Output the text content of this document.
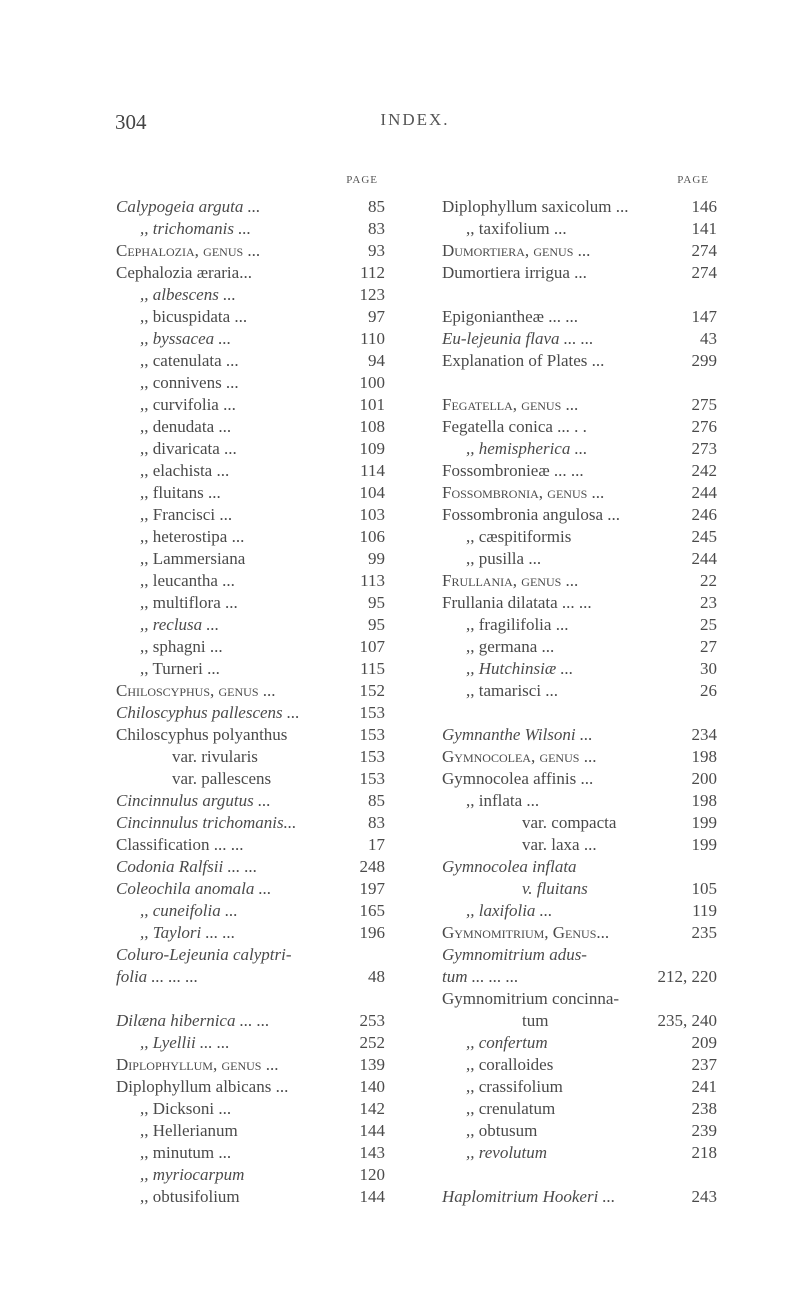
304	INDEX.
PAGE
Calypogeia arguta ...	85
,, trichomanis ...	83
Cephalozia, genus ...	93
Cephalozia æraria...	112
,, albescens ...	123
,, bicuspidata ...	97
,, byssacea ...	110
,, catenulata ...	94
,, connivens ...	100
,, curvifolia ...	101
,, denudata ...	108
,, divaricata ...	109
,, elachista ...	114
,, fluitans ...	104
,, Francisci ...	103
,, heterostipa ...	106
,, Lammersiana	99
,, leucantha ...	113
,, multiflora ...	95
,, reclusa ...	95
,, sphagni ...	107
,, Turneri ...	115
Chiloscyphus, genus ...	152
Chiloscyphus pallescens ...	153
Chiloscyphus polyanthus	153
var. rivularis	153
var. pallescens	153
Cincinnulus argutus ...	85
Cincinnulus trichomanis...	83
Classification ... ...	17
Codonia Ralfsii ... ...	248
Coleochila anomala ...	197
,, cuneifolia ...	165
,, Taylori ... ...	196
Coluro-Lejeunia calyptri-
folia ... ... ...	48
Dilæna hibernica ... ...	253
,, Lyellii ... ...	252
Diplophyllum, genus ...	139
Diplophyllum albicans ...	140
,, Dicksoni ...	142
,, Hellerianum	144
,, minutum ...	143
,, myriocarpum	120
,, obtusifolium	144
PAGE
Diplophyllum saxicolum ...	146
,, taxifolium ...	141
Dumortiera, genus ...	274
Dumortiera irrigua ...	274
Epigoniantheæ ... ...	147
Eu-lejeunia flava ... ...	43
Explanation of Plates ...	299
Fegatella, genus ...	275
Fegatella conica ... . .	276
,, hemispherica ...	273
Fossombronieæ ... ...	242
Fossombronia, genus ...	244
Fossombronia angulosa ...	246
,, cæspitiformis	245
,, pusilla ...	244
Frullania, genus ...	22
Frullania dilatata ... ...	23
,, fragilifolia ...	25
,, germana ...	27
,, Hutchinsiæ ...	30
,, tamarisci ...	26
Gymnanthe Wilsoni ...	234
Gymnocolea, genus ...	198
Gymnocolea affinis ...	200
,, inflata ...	198
var. compacta	199
var. laxa ...	199
Gymnocolea inflata
v. fluitans	105
,, laxifolia ...	119
Gymnomitrium, Genus...	235
Gymnomitrium adus-
tum ... ... ...	212, 220
Gymnomitrium concinna-
tum	235, 240
,, confertum	209
,, coralloides	237
,, crassifolium	241
,, crenulatum	238
,, obtusum	239
,, revolutum	218
Haplomitrium Hookeri ...	243
